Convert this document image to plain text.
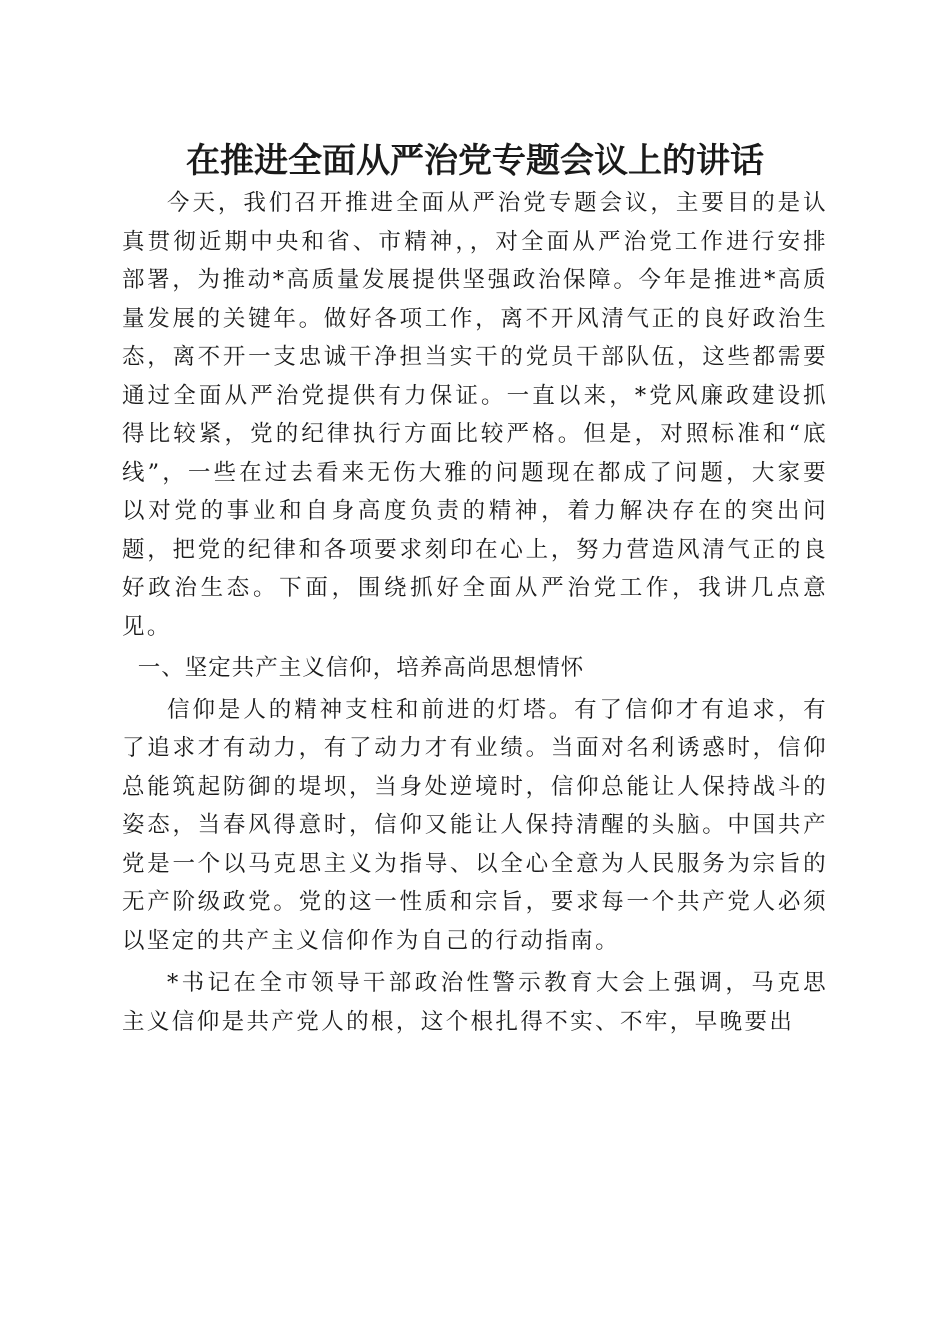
在推进全面从严治党专题会议上的讲话

今天，我们召开推进全面从严治党专题会议，主要目的是认真贯彻近期中央和省、市精神，，对全面从严治党工作进行安排部署，为推动*高质量发展提供坚强政治保障。今年是推进*高质量发展的关键年。做好各项工作，离不开风清气正的良好政治生态，离不开一支忠诚干净担当实干的党员干部队伍，这些都需要通过全面从严治党提供有力保证。一直以来，*党风廉政建设抓得比较紧，党的纪律执行方面比较严格。但是，对照标准和“底线”，一些在过去看来无伤大雅的问题现在都成了问题，大家要以对党的事业和自身高度负责的精神，着力解决存在的突出问题，把党的纪律和各项要求刻印在心上，努力营造风清气正的良好政治生态。下面，围绕抓好全面从严治党工作，我讲几点意见。

一、坚定共产主义信仰，培养高尚思想情怀

信仰是人的精神支柱和前进的灯塔。有了信仰才有追求，有了追求才有动力，有了动力才有业绩。当面对名利诱惑时，信仰总能筑起防御的堤坝，当身处逆境时，信仰总能让人保持战斗的姿态，当春风得意时，信仰又能让人保持清醒的头脑。中国共产党是一个以马克思主义为指导、以全心全意为人民服务为宗旨的无产阶级政党。党的这一性质和宗旨，要求每一个共产党人必须以坚定的共产主义信仰作为自己的行动指南。

*书记在全市领导干部政治性警示教育大会上强调，马克思主义信仰是共产党人的根，这个根扎得不实、不牢，早晚要出
